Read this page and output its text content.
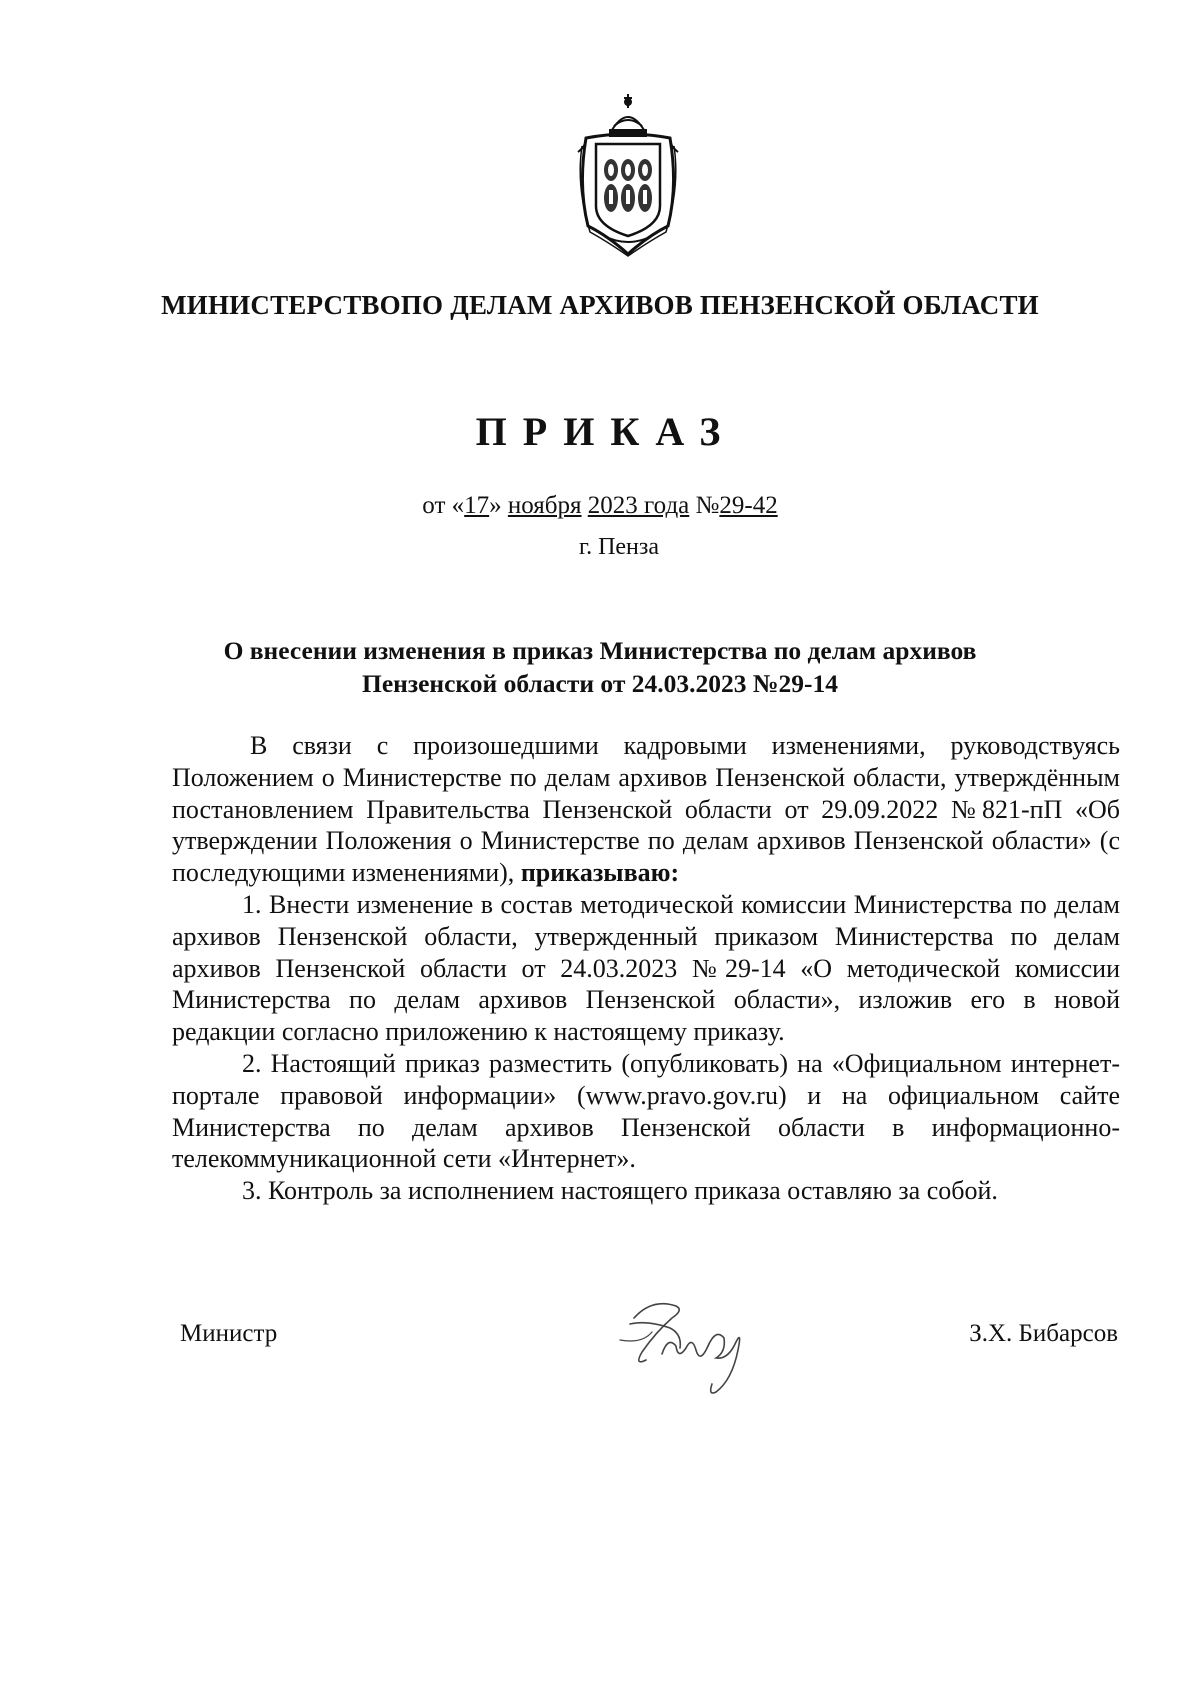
МИНИСТЕРСТВОПО ДЕЛАМ АРХИВОВ ПЕНЗЕНСКОЙ ОБЛАСТИ
ПРИКАЗ
от «17» ноября 2023 года №29-42
г. Пенза
О внесении изменения в приказ Министерства по делам архивов
Пензенской области от 24.03.2023 №29-14

В связи с произошедшими кадровыми изменениями, руководствуясь Положением о Министерстве по делам архивов Пензенской области, утверждённым постановлением Правительства Пензенской области от 29.09.2022 №821-пП «Об утверждении Положения о Министерстве по делам архивов Пензенской области» (с последующими изменениями), приказываю:

1. Внести изменение в состав методической комиссии Министерства по делам архивов Пензенской области, утвержденный приказом Министерства по делам архивов Пензенской области от 24.03.2023 №29-14 «О методической комиссии Министерства по делам архивов Пензенской области», изложив его в новой редакции согласно приложению к настоящему приказу.

2. Настоящий приказ разместить (опубликовать) на «Официальном интернет-портале правовой информации» (www.pravo.gov.ru) и на официальном сайте Министерства по делам архивов Пензенской области в информационно-телекоммуникационной сети «Интернет».

3. Контроль за исполнением настоящего приказа оставляю за собой.

Министр	З.Х. Бибарсов
